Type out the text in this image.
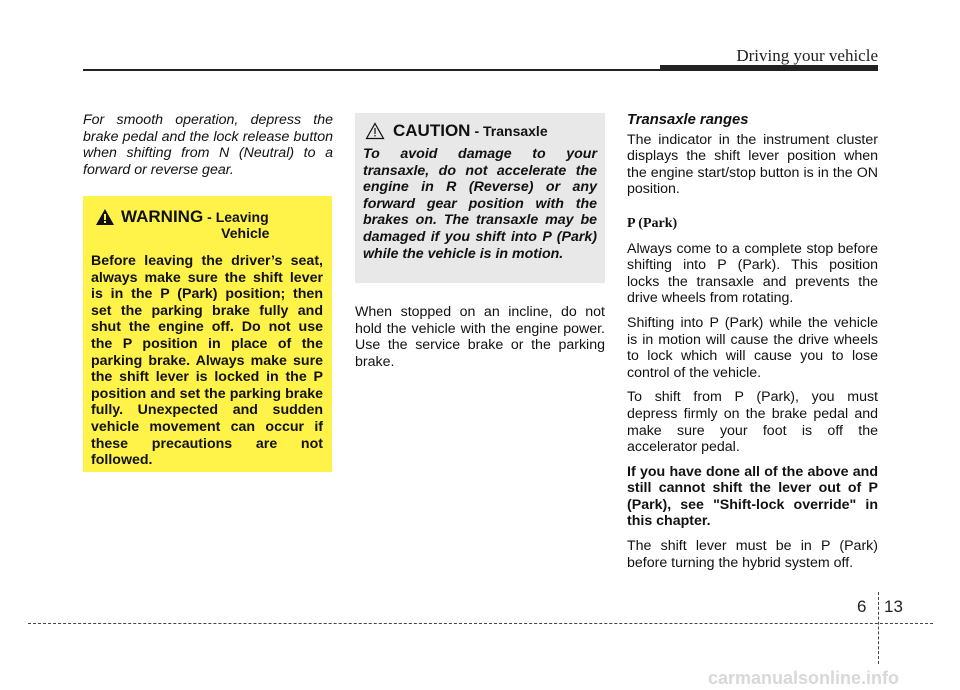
Driving your vehicle

For smooth operation, depress the brake pedal and the lock release button when shifting from N (Neutral) to a forward or reverse gear.

WARNING - Leaving
Vehicle
Before leaving the driver’s seat, always make sure the shift lever is in the P (Park) position; then set the parking brake fully and shut the engine off. Do not use the P position in place of the parking brake. Always make sure the shift lever is locked in the P position and set the parking brake fully. Unexpected and sudden vehicle movement can occur if these precautions are not followed.
CAUTION - Transaxle
To avoid damage to your transaxle, do not accelerate the engine in R (Reverse) or any forward gear position with the brakes on. The transaxle may be damaged if you shift into P (Park) while the vehicle is in motion.

When stopped on an incline, do not hold the vehicle with the engine power. Use the service brake or the parking brake.

Transaxle ranges

The indicator in the instrument cluster displays the shift lever position when the engine start/stop button is in the ON position.

P (Park)

Always come to a complete stop before shifting into P (Park). This position locks the transaxle and prevents the drive wheels from rotating.

Shifting into P (Park) while the vehicle is in motion will cause the drive wheels to lock which will cause you to lose control of the vehicle.

To shift from P (Park), you must depress firmly on the brake pedal and make sure your foot is off the accelerator pedal.

If you have done all of the above and still cannot shift the lever out of P (Park), see "Shift-lock override" in this chapter.

The shift lever must be in P (Park) before turning the hybrid system off.

6 13
carmanualsonline.info
